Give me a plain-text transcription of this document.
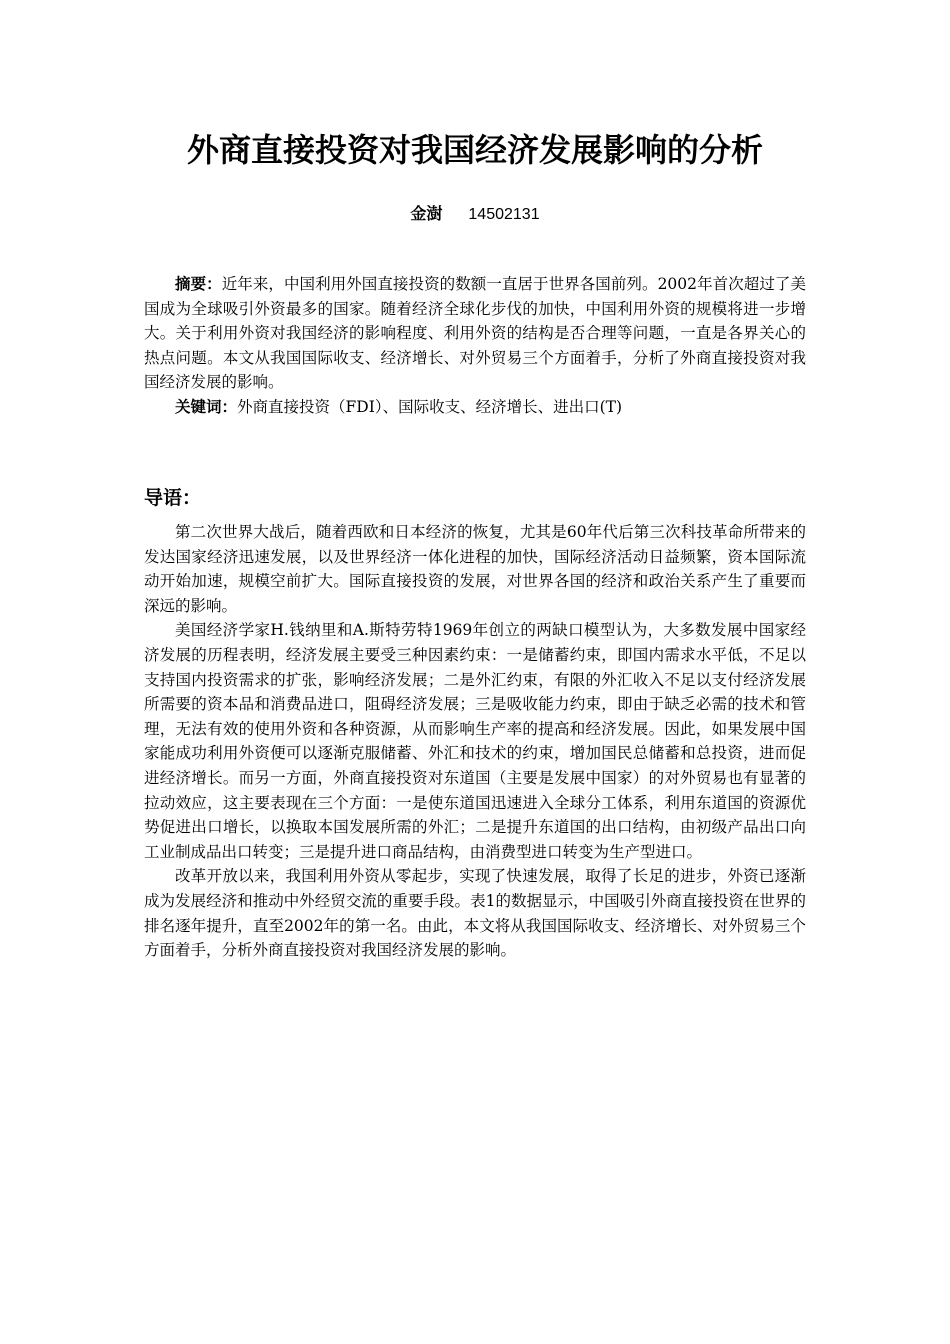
外商直接投资对我国经济发展影响的分析
金澍 14502131

摘要：近年来，中国利用外国直接投资的数额一直居于世界各国前列。2002年首次超过了美国成为全球吸引外资最多的国家。随着经济全球化步伐的加快，中国利用外资的规模将进一步增大。关于利用外资对我国经济的影响程度、利用外资的结构是否合理等问题，一直是各界关心的热点问题。本文从我国国际收支、经济增长、对外贸易三个方面着手，分析了外商直接投资对我国经济发展的影响。

关键词：外商直接投资（FDI）、国际收支、经济增长、进出口(T)

导语：

第二次世界大战后，随着西欧和日本经济的恢复，尤其是60年代后第三次科技革命所带来的发达国家经济迅速发展，以及世界经济一体化进程的加快，国际经济活动日益频繁，资本国际流动开始加速，规模空前扩大。国际直接投资的发展，对世界各国的经济和政治关系产生了重要而深远的影响。

美国经济学家H.钱纳里和A.斯特劳特1969年创立的两缺口模型认为，大多数发展中国家经济发展的历程表明，经济发展主要受三种因素约束：一是储蓄约束，即国内需求水平低，不足以支持国内投资需求的扩张，影响经济发展；二是外汇约束，有限的外汇收入不足以支付经济发展所需要的资本品和消费品进口，阻碍经济发展；三是吸收能力约束，即由于缺乏必需的技术和管理，无法有效的使用外资和各种资源，从而影响生产率的提高和经济发展。因此，如果发展中国家能成功利用外资便可以逐渐克服储蓄、外汇和技术的约束，增加国民总储蓄和总投资，进而促进经济增长。而另一方面，外商直接投资对东道国（主要是发展中国家）的对外贸易也有显著的拉动效应，这主要表现在三个方面：一是使东道国迅速进入全球分工体系，利用东道国的资源优势促进出口增长，以换取本国发展所需的外汇；二是提升东道国的出口结构，由初级产品出口向工业制成品出口转变；三是提升进口商品结构，由消费型进口转变为生产型进口。

改革开放以来，我国利用外资从零起步，实现了快速发展，取得了长足的进步，外资已逐渐成为发展经济和推动中外经贸交流的重要手段。表1的数据显示，中国吸引外商直接投资在世界的排名逐年提升，直至2002年的第一名。由此，本文将从我国国际收支、经济增长、对外贸易三个方面着手，分析外商直接投资对我国经济发展的影响。
